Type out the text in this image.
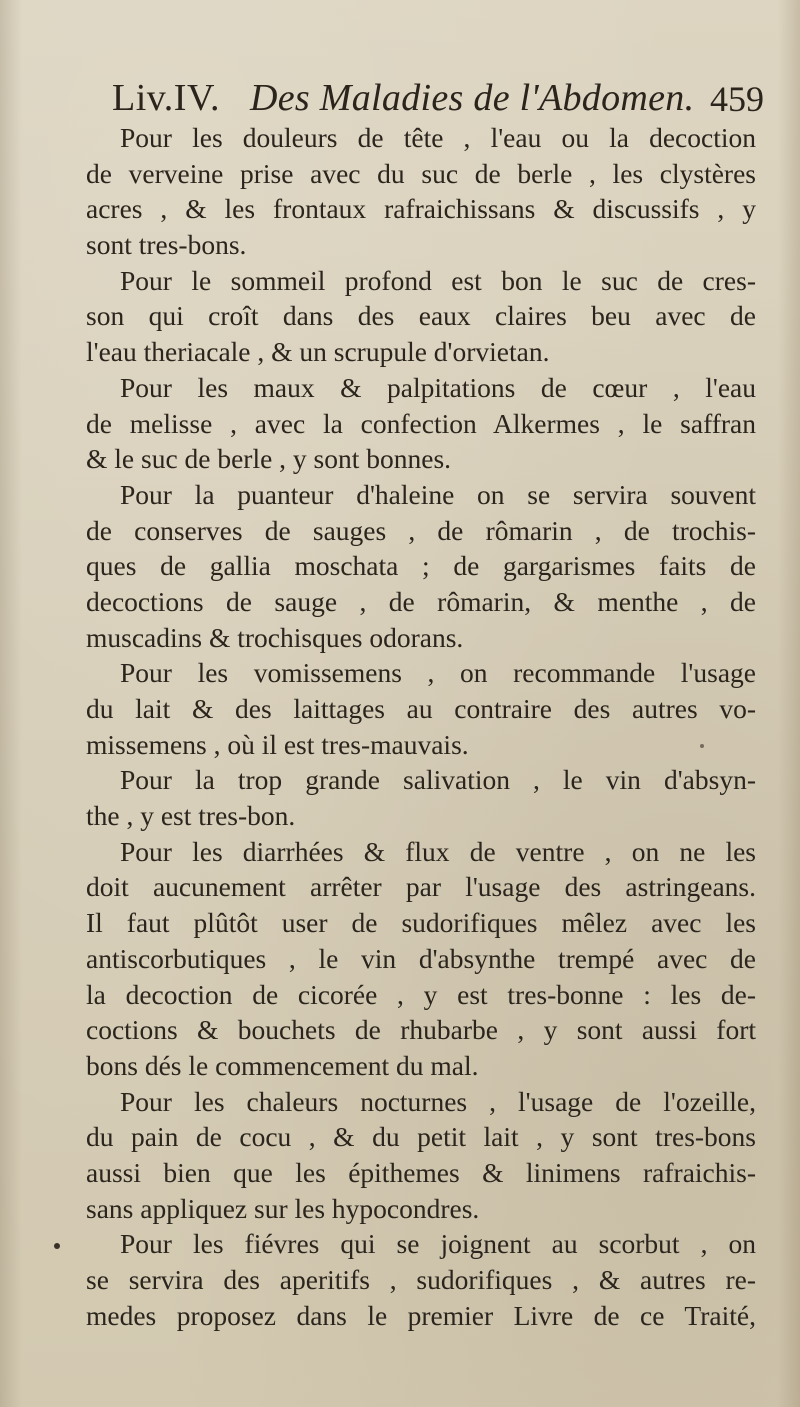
Liv.IV. Des Maladies de l'Abdomen. 459
Pour les douleurs de tête , l'eau ou la decoction
de verveine prise avec du suc de berle , les clystères
acres , & les frontaux rafraichissans & discussifs , y
sont tres-bons.
Pour le sommeil profond est bon le suc de cres-
son qui croît dans des eaux claires beu avec de
l'eau theriacale , & un scrupule d'orvietan.
Pour les maux & palpitations de cœur , l'eau
de melisse , avec la confection Alkermes , le saffran
& le suc de berle , y sont bonnes.
Pour la puanteur d'haleine on se servira souvent
de conserves de sauges , de rômarin , de trochis-
ques de gallia moschata ; de gargarismes faits de
decoctions de sauge , de rômarin, & menthe , de
muscadins & trochisques odorans.
Pour les vomissemens , on recommande l'usage
du lait & des laittages au contraire des autres vo-
missemens , où il est tres-mauvais.
Pour la trop grande salivation , le vin d'absyn-
the , y est tres-bon.
Pour les diarrhées & flux de ventre , on ne les
doit aucunement arrêter par l'usage des astringeans.
Il faut plûtôt user de sudorifiques mêlez avec les
antiscorbutiques , le vin d'absynthe trempé avec de
la decoction de cicorée , y est tres-bonne : les de-
coctions & bouchets de rhubarbe , y sont aussi fort
bons dés le commencement du mal.
Pour les chaleurs nocturnes , l'usage de l'ozeille,
du pain de cocu , & du petit lait , y sont tres-bons
aussi bien que les épithemes & linimens rafraichis-
sans appliquez sur les hypocondres.
Pour les fiévres qui se joignent au scorbut , on
se servira des aperitifs , sudorifiques , & autres re-
medes proposez dans le premier Livre de ce Traité,
